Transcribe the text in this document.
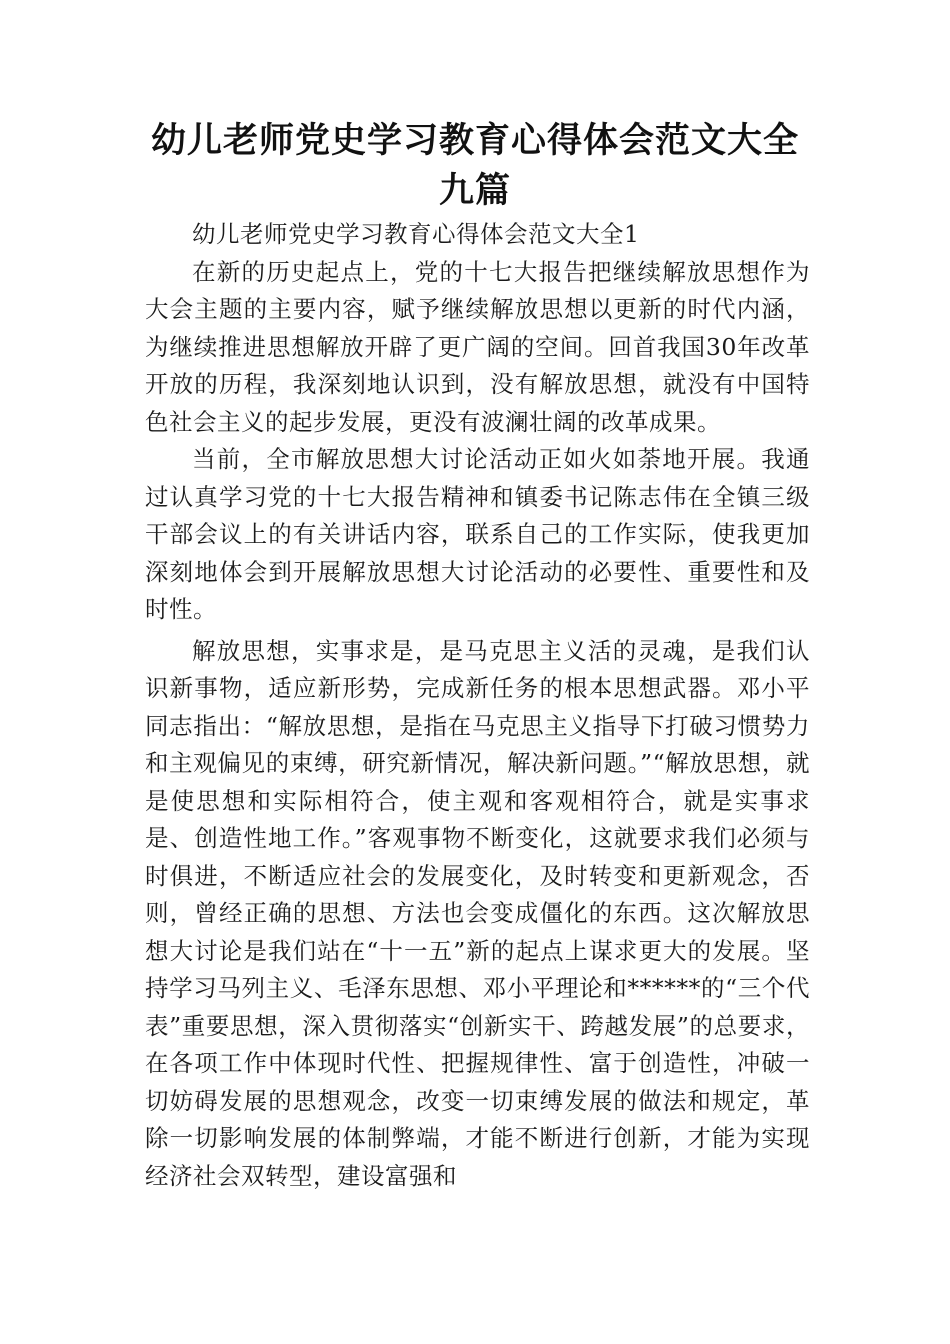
幼儿老师党史学习教育心得体会范文大全九篇

幼儿老师党史学习教育心得体会范文大全1

在新的历史起点上，党的十七大报告把继续解放思想作为大会主题的主要内容，赋予继续解放思想以更新的时代内涵，为继续推进思想解放开辟了更广阔的空间。回首我国30年改革开放的历程，我深刻地认识到，没有解放思想，就没有中国特色社会主义的起步发展，更没有波澜壮阔的改革成果。

当前，全市解放思想大讨论活动正如火如荼地开展。我通过认真学习党的十七大报告精神和镇委书记陈志伟在全镇三级干部会议上的有关讲话内容，联系自己的工作实际，使我更加深刻地体会到开展解放思想大讨论活动的必要性、重要性和及时性。

解放思想，实事求是，是马克思主义活的灵魂，是我们认识新事物，适应新形势，完成新任务的根本思想武器。邓小平同志指出：“解放思想，是指在马克思主义指导下打破习惯势力和主观偏见的束缚，研究新情况，解决新问题。”“解放思想，就是使思想和实际相符合，使主观和客观相符合，就是实事求是、创造性地工作。”客观事物不断变化，这就要求我们必须与时俱进，不断适应社会的发展变化，及时转变和更新观念，否则，曾经正确的思想、方法也会变成僵化的东西。这次解放思想大讨论是我们站在“十一五”新的起点上谋求更大的发展。坚持学习马列主义、毛泽东思想、邓小平理论和******的“三个代表”重要思想，深入贯彻落实“创新实干、跨越发展”的总要求，在各项工作中体现时代性、把握规律性、富于创造性，冲破一切妨碍发展的思想观念，改变一切束缚发展的做法和规定，革除一切影响发展的体制弊端，才能不断进行创新，才能为实现经济社会双转型，建设富强和
